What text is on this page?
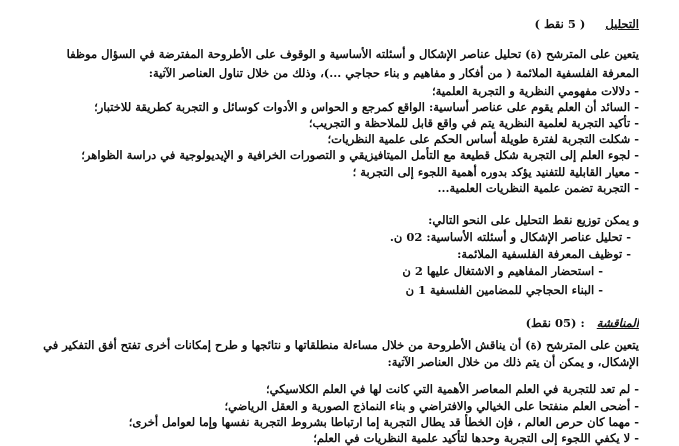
التحليل     ( 5 نقط )
يتعين على المترشح (ة) تحليل عناصر الإشكال و أسئلته الأساسية و الوقوف على الأطروحة المفترضة في السؤال موظفا
المعرفة الفلسفية الملائمة ( من أفكار و مفاهيم و بناء حجاجي ...)، وذلك من خلال تناول العناصر الآتية:
- دلالات مفهومي النظرية و التجربة العلمية؛
- السائد أن العلم يقوم على عناصر أساسية: الواقع كمرجع و الحواس و الأدوات كوسائل و التجربة كطريقة للاختبار؛
- تأكيد التجربة لعلمية النظرية يتم في واقع قابل للملاحظة و التجريب؛
- شكلت التجربة لفترة طويلة أساس الحكم على علمية النظريات؛
- لجوء العلم إلى التجربة شكل قطيعة مع التأمل الميتافيزيقي و التصورات الخرافية و الإيديولوجية في دراسة الظواهر؛
- معيار القابلية للتفنيد يؤكد بدوره أهمية اللجوء إلى التجربة ؛
- التجربة تضمن علمية النظريات العلمية...
و يمكن توزيع نقط التحليل على النحو التالي:
- تحليل عناصر الإشكال و أسئلته الأساسية: 02 ن.
- توظيف المعرفة الفلسفية الملائمة:
- استحضار المفاهيم و الاشتغال عليها 2 ن
- البناء الحجاجي للمضامين الفلسفية 1 ن
المناقشة   : (05 نقط)
يتعين على المترشح (ة) أن يناقش الأطروحة من خلال مساءلة منطلقاتها و نتائجها و طرح إمكانات أخرى تفتح أفق التفكير في
الإشكال، و يمكن أن يتم ذلك من خلال العناصر الآتية:
- لم تعد للتجربة في العلم المعاصر الأهمية التي كانت لها في العلم الكلاسيكي؛
- أضحى العلم منفتحا على الخيالي والافتراضي و بناء النماذج الصورية و العقل الرياضي؛
- مهما كان حرص العالم ، فإن الخطأ قد يطال التجربة إما ارتباطا بشروط التجربة نفسها وإما لعوامل أخرى؛
- لا يكفي اللجوء إلى التجربة وحدها لتأكيد علمية النظريات في العلم؛
